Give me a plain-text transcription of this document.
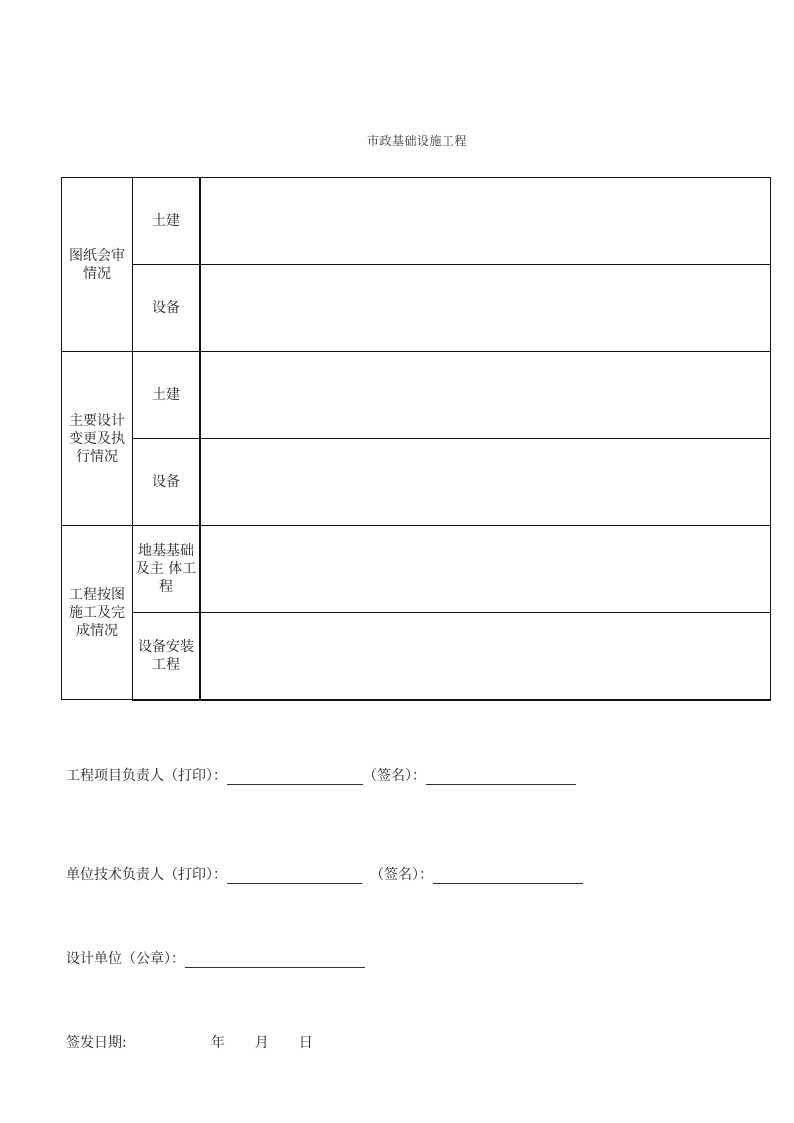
市政基础设施工程
图纸会审情况	土建	
	设备	
主要设计变更及执行情况	土建	
	设备	
工程按图施工及完成情况	地基基础及主 体工程	
	设备安装工程	
工程项目负责人（打印）：	（签名）：
单位技术负责人（打印）：	（签名）：
设计单位（公章）：
签发日期:	年 月 日
